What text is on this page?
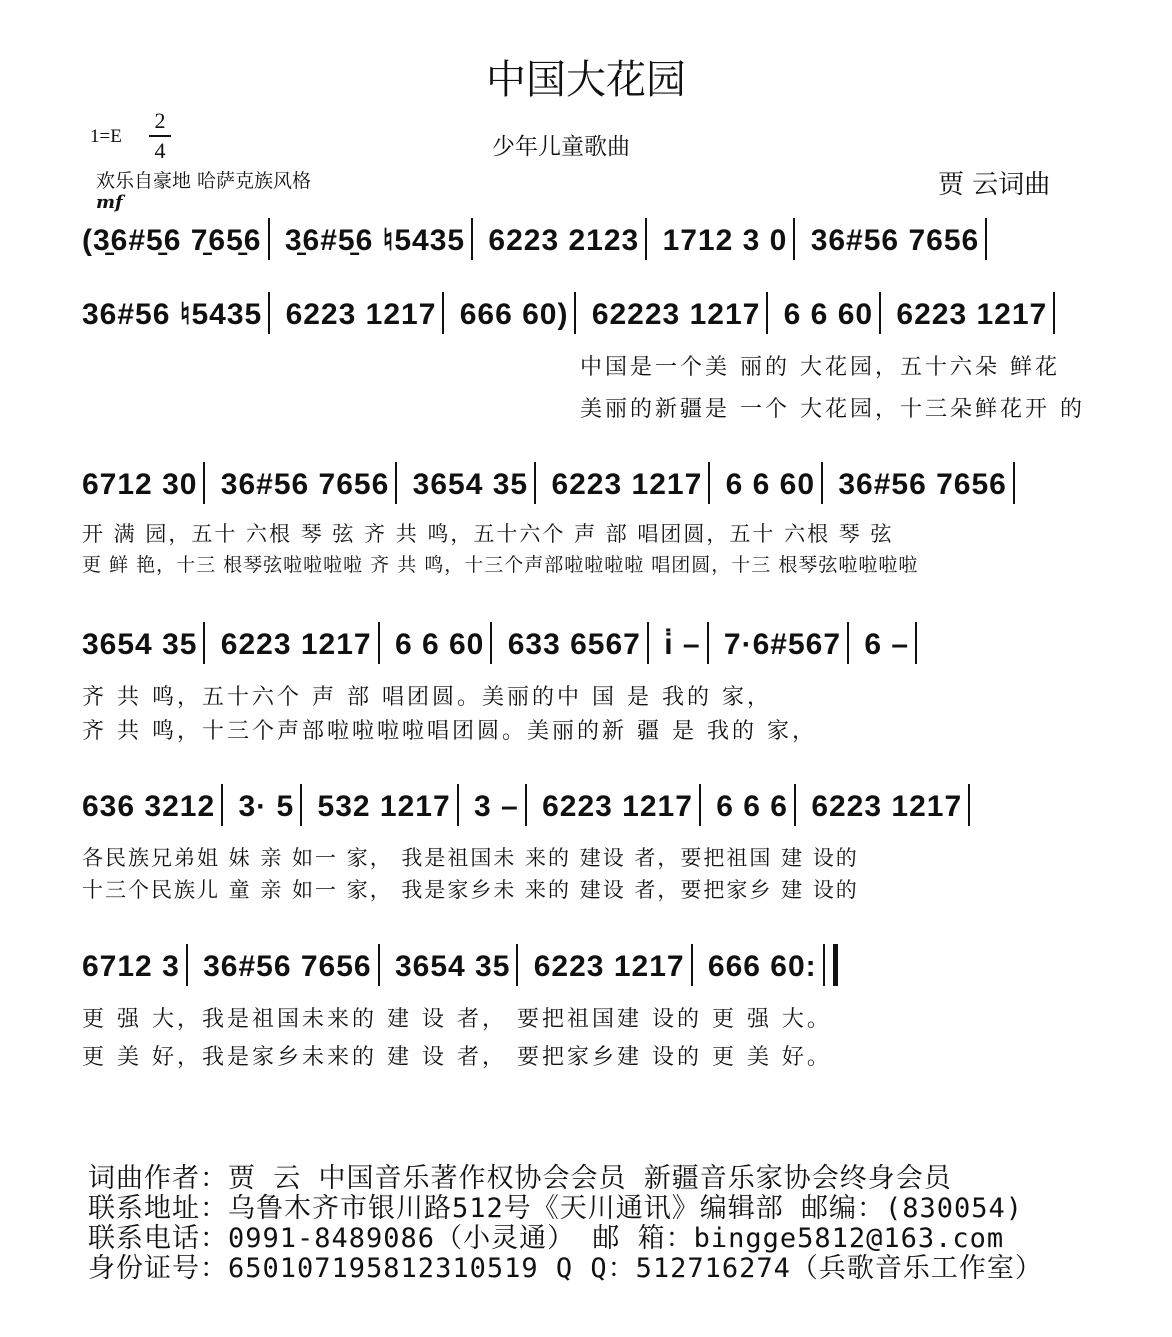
中国大花园
1=E
2
4	少年儿童歌曲
欢乐自豪地 哈萨克族风格	贾 云词曲
mf
(3̱6#5̱6 7̱65̱6 3̱6#5̱6 ♮5435 6223 2123 1712 3 0 36#56 7656
36#56 ♮5435 6223 1217 666 60) 62223 1217 6 6 60 6223 1217
中国是一个美 丽的 大花园，五十六朵 鲜花
美丽的新疆是 一个 大花园，十三朵鲜花开 的
6712 30 36#56 7656 3654 35 6223 1217 6 6 60 36#56 7656
开 满 园，五十 六根 琴 弦 齐 共 鸣，五十六个 声 部 唱团圆，五十 六根 琴 弦
更 鲜 艳，十三 根琴弦啦啦啦啦 齐 共 鸣，十三个声部啦啦啦啦 唱团圆，十三 根琴弦啦啦啦啦
3654 35 6223 1217 6 6 60 633 6567 i̇ – 7·6#567 6 –
齐 共 鸣，五十六个 声 部 唱团圆。美丽的中 国 是 我的 家，
齐 共 鸣，十三个声部啦啦啦啦唱团圆。美丽的新 疆 是 我的 家，
636 3212 3· 5 532 1217 3 – 6223 1217 6 6 6 6223 1217
各民族兄弟姐 妹 亲 如一 家， 我是祖国未 来的 建设 者，要把祖国 建 设的
十三个民族儿 童 亲 如一 家， 我是家乡未 来的 建设 者，要把家乡 建 设的
6712 3 36#56 7656 3654 35 6223 1217 666 60:
更 强 大，我是祖国未来的 建 设 者， 要把祖国建 设的 更 强 大。
更 美 好，我是家乡未来的 建 设 者， 要把家乡建 设的 更 美 好。
词曲作者：贾 云 中国音乐著作权协会会员 新疆音乐家协会终身会员
联系地址：乌鲁木齐市银川路512号《天川通讯》编辑部 邮编：(830054)
联系电话：0991-8489086（小灵通） 邮 箱：bingge5812@163.com
身份证号：650107195812310519 Q Q：512716274（兵歌音乐工作室）
